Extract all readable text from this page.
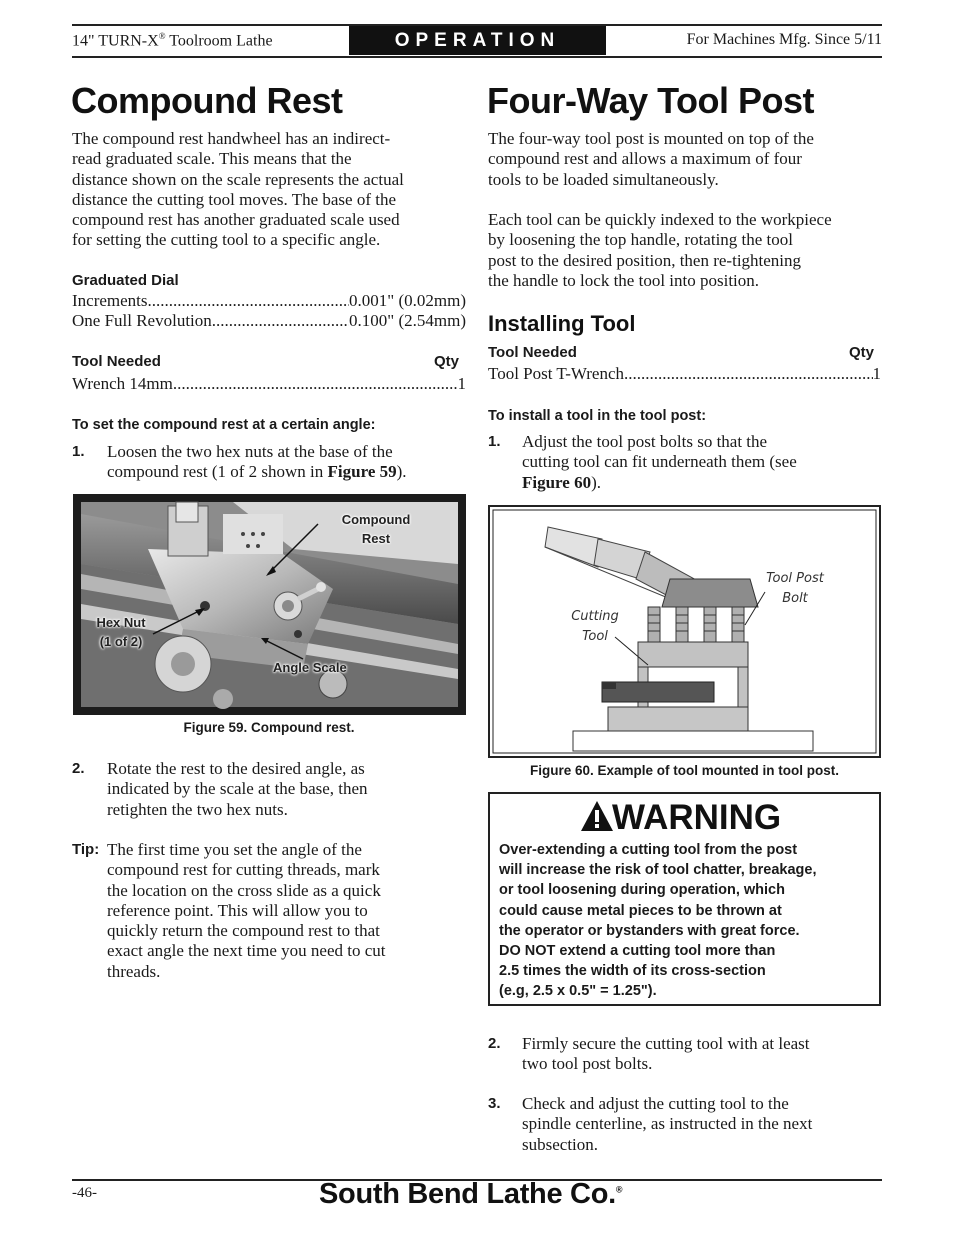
14" TURN-X® Toolroom Lathe	OPERATION	For Machines Mfg. Since 5/11
Compound Rest
The compound rest handwheel has an indirect-
read graduated scale. This means that the
distance shown on the scale represents the actual
distance the cutting tool moves. The base of the
compound rest has another graduated scale used
for setting the cutting tool to a specific angle.
Graduated Dial
Increments .....	0.001" (0.02mm)
One Full Revolution .....	0.100" (2.54mm)
Tool Needed	Qty
Wrench 14mm .....	1
To set the compound rest at a certain angle:
1. Loosen the two hex nuts at the base of the
compound rest (1 of 2 shown in Figure 59).
Compound
Rest
Hex Nut
(1 of 2)
Angle Scale
Figure 59. Compound rest.
2. Rotate the rest to the desired angle, as
indicated by the scale at the base, then
retighten the two hex nuts.
Tip: The first time you set the angle of the
compound rest for cutting threads, mark
the location on the cross slide as a quick
reference point. This will allow you to
quickly return the compound rest to that
exact angle the next time you need to cut
threads.
Four-Way Tool Post
The four-way tool post is mounted on top of the
compound rest and allows a maximum of four
tools to be loaded simultaneously.
Each tool can be quickly indexed to the workpiece
by loosening the top handle, rotating the tool
post to the desired position, then re-tightening
the handle to lock the tool into position.
Installing Tool
Tool Needed	Qty
Tool Post T-Wrench .....	1
To install a tool in the tool post:
1. Adjust the tool post bolts so that the
cutting tool can fit underneath them (see
Figure 60).
Cutting
Tool
Tool Post
Bolt
Figure 60. Example of tool mounted in tool post.
WARNING
Over-extending a cutting tool from the post
will increase the risk of tool chatter, breakage,
or tool loosening during operation, which
could cause metal pieces to be thrown at
the operator or bystanders with great force.
DO NOT extend a cutting tool more than
2.5 times the width of its cross-section
(e.g, 2.5 x 0.5" = 1.25").
2. Firmly secure the cutting tool with at least
two tool post bolts.
3. Check and adjust the cutting tool to the
spindle centerline, as instructed in the next
subsection.
-46-	South Bend Lathe Co.®
